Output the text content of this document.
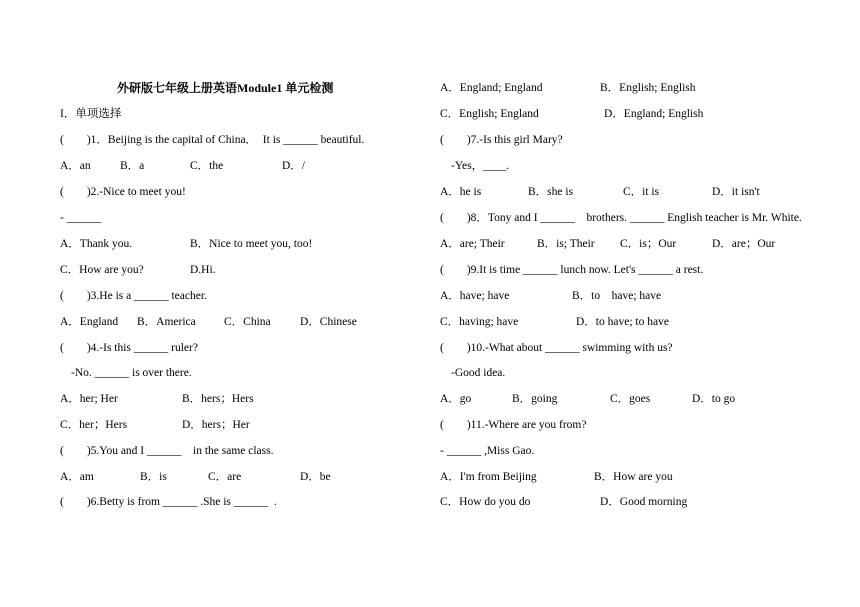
外研版七年级上册英语Module1 单元检测
I．单项选择
(        )1．Beijing is the capital of China．  It is ______ beautiful.
A．an	B．a	C．the	D．/
(        )2.-Nice to meet you!
- ______
A．Thank you.	B．Nice to meet you, too!
C．How are you?	D.Hi.
(        )3.He is a ______ teacher.
A．England B．America C．China	D．Chinese
(        )4.-Is this ______ ruler?
-No. ______ is over there.
A．her; Her	B．hers；Hers
C．her；Hers	D．hers；Her
(        )5.You and I ______    in the same class.
A．am	B．is	C．are	D．be
(        )6.Betty is from ______ .She is ______  .
A．England; England	B．English; English
C．English; England	D．England; English
(        )7.-Is this girl Mary?
-Yes，____.
A．he is	B．she is	C．it is	D．it isn't
(        )8．Tony and I ______    brothers. ______ English teacher is Mr. White.
A．are; Their	B．is; Their C．is；Our	D．are；Our
(        )9.It is time ______ lunch now. Let's ______ a rest.
A．have; have	B．to    have; have
C．having; have	D．to have; to have
(        )10.-What about ______ swimming with us?
-Good idea.
A．go	B．going	C．goes	D．to go
(        )11.-Where are you from?
- ______ ,Miss Gao.
A．I'm from Beijing	B．How are you
C．How do you do	D．Good morning
